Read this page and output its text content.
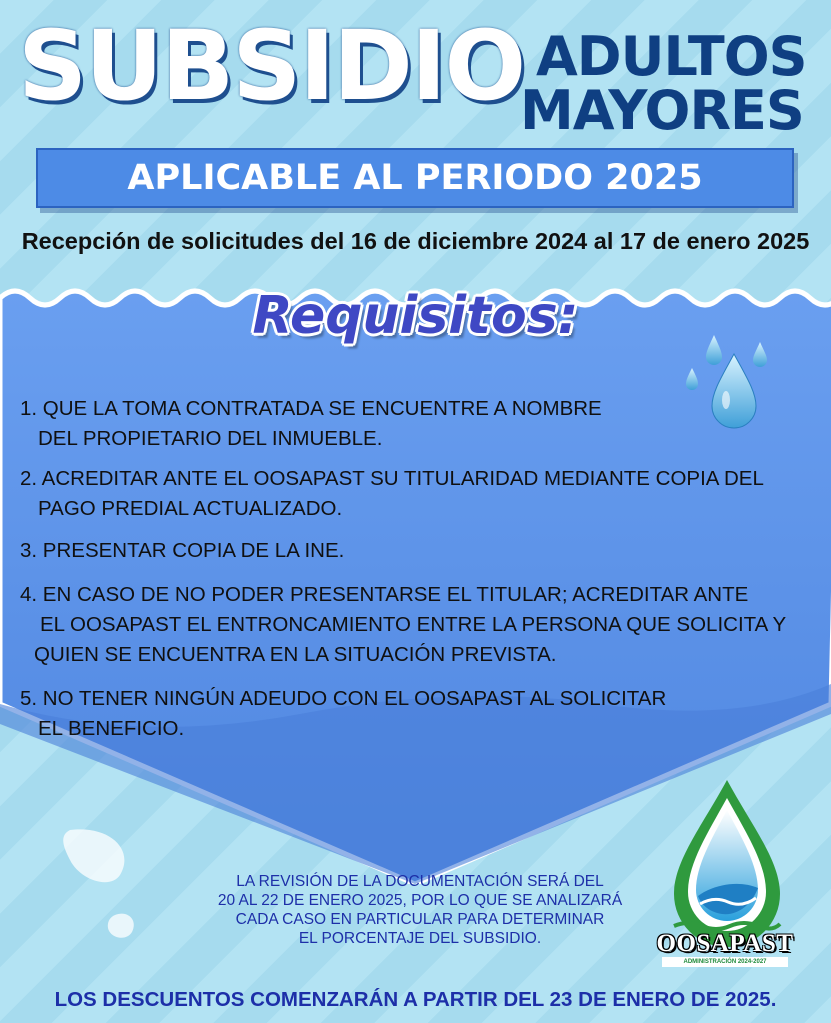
SUBSIDIO ADULTOS
MAYORES
APLICABLE AL PERIODO 2025
Recepción de solicitudes del 16 de diciembre 2024 al 17 de enero 2025
Requisitos:
1. QUE LA TOMA CONTRATADA SE ENCUENTRE A NOMBRE
DEL PROPIETARIO DEL INMUEBLE.
2. ACREDITAR ANTE EL OOSAPAST SU TITULARIDAD MEDIANTE COPIA DEL
PAGO PREDIAL ACTUALIZADO.
3. PRESENTAR COPIA DE LA INE.
4. EN CASO DE NO PODER PRESENTARSE EL TITULAR; ACREDITAR ANTE
EL OOSAPAST EL ENTRONCAMIENTO ENTRE LA PERSONA QUE SOLICITA Y
QUIEN SE ENCUENTRA EN LA SITUACIÓN PREVISTA.
5. NO TENER NINGÚN ADEUDO CON EL OOSAPAST AL SOLICITAR
EL BENEFICIO.
LA REVISIÓN DE LA DOCUMENTACIÓN SERÁ DEL
20 AL 22 DE ENERO 2025, POR LO QUE SE ANALIZARÁ
CADA CASO EN PARTICULAR PARA DETERMINAR
EL PORCENTAJE DEL SUBSIDIO.	OOSAPAST
ADMINISTRACIÓN 2024-2027
LOS DESCUENTOS COMENZARÁN A PARTIR DEL 23 DE ENERO DE 2025.
